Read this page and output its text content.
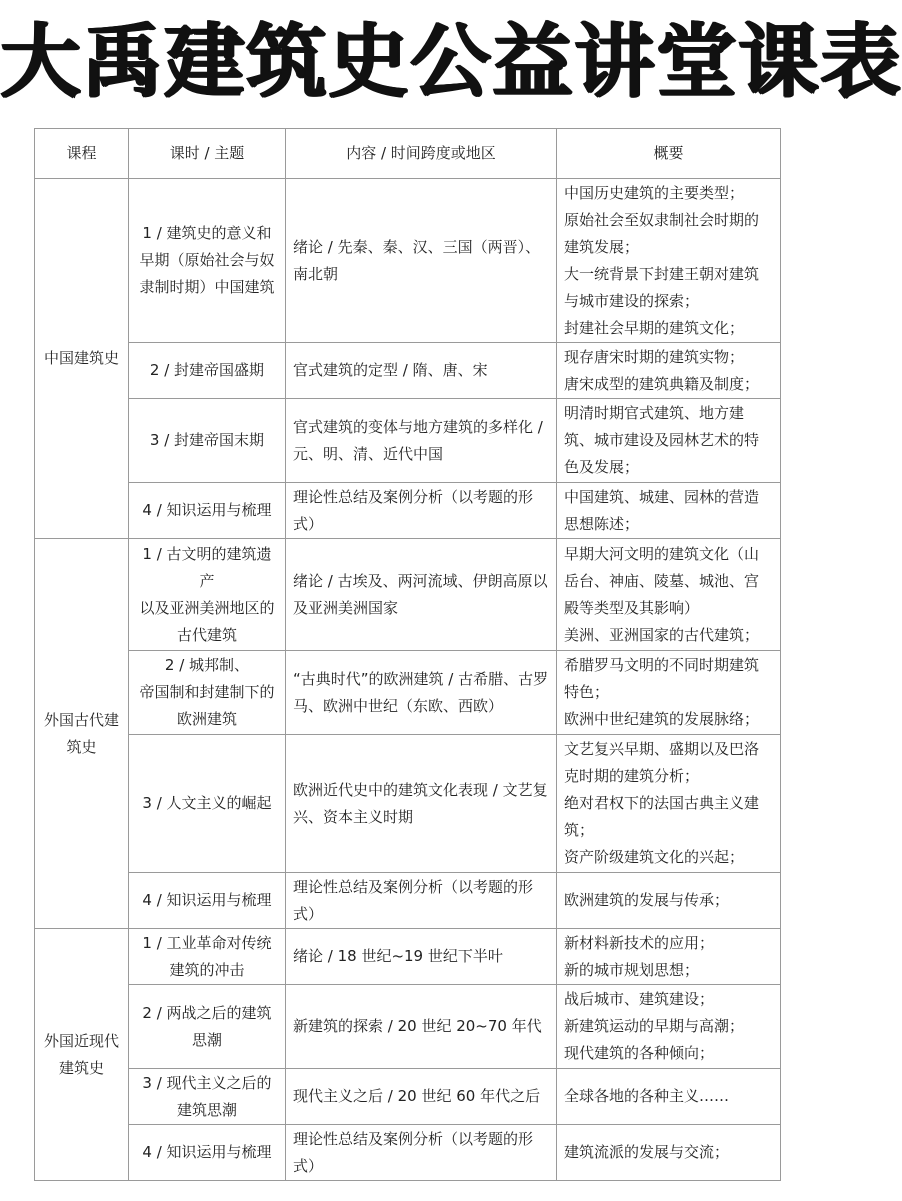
大禹建筑史公益讲堂课表
课程	课时 / 主题	内容 / 时间跨度或地区	概要
中国建筑史	1 / 建筑史的意义和早期（原始社会与奴隶制时期）中国建筑	绪论 / 先秦、秦、汉、三国（两晋）、南北朝	中国历史建筑的主要类型；
原始社会至奴隶制社会时期的建筑发展；
大一统背景下封建王朝对建筑与城市建设的探索；
封建社会早期的建筑文化；
	2 / 封建帝国盛期	官式建筑的定型 / 隋、唐、宋	现存唐宋时期的建筑实物；
唐宋成型的建筑典籍及制度；
	3 / 封建帝国末期	官式建筑的变体与地方建筑的多样化 / 元、明、清、近代中国	明清时期官式建筑、地方建筑、城市建设及园林艺术的特色及发展；
	4 / 知识运用与梳理	理论性总结及案例分析（以考题的形式）	中国建筑、城建、园林的营造思想陈述；
外国古代建筑史	1 / 古文明的建筑遗产
以及亚洲美洲地区的古代建筑	绪论 / 古埃及、两河流域、伊朗高原以及亚洲美洲国家	早期大河文明的建筑文化（山岳台、神庙、陵墓、城池、宫殿等类型及其影响）
美洲、亚洲国家的古代建筑；
	2 / 城邦制、
帝国制和封建制下的欧洲建筑	“古典时代”的欧洲建筑 / 古希腊、古罗马、欧洲中世纪（东欧、西欧）	希腊罗马文明的不同时期建筑特色；
欧洲中世纪建筑的发展脉络；
	3 / 人文主义的崛起	欧洲近代史中的建筑文化表现 / 文艺复兴、资本主义时期	文艺复兴早期、盛期以及巴洛克时期的建筑分析；
绝对君权下的法国古典主义建筑；
资产阶级建筑文化的兴起；
	4 / 知识运用与梳理	理论性总结及案例分析（以考题的形式）	欧洲建筑的发展与传承；
外国近现代建筑史	1 / 工业革命对传统建筑的冲击	绪论 / 18 世纪~19 世纪下半叶	新材料新技术的应用；
新的城市规划思想；
	2 / 两战之后的建筑思潮	新建筑的探索 / 20 世纪 20~70 年代	战后城市、建筑建设；
新建筑运动的早期与高潮；
现代建筑的各种倾向；
	3 / 现代主义之后的建筑思潮	现代主义之后 / 20 世纪 60 年代之后	全球各地的各种主义……
	4 / 知识运用与梳理	理论性总结及案例分析（以考题的形式）	建筑流派的发展与交流；
